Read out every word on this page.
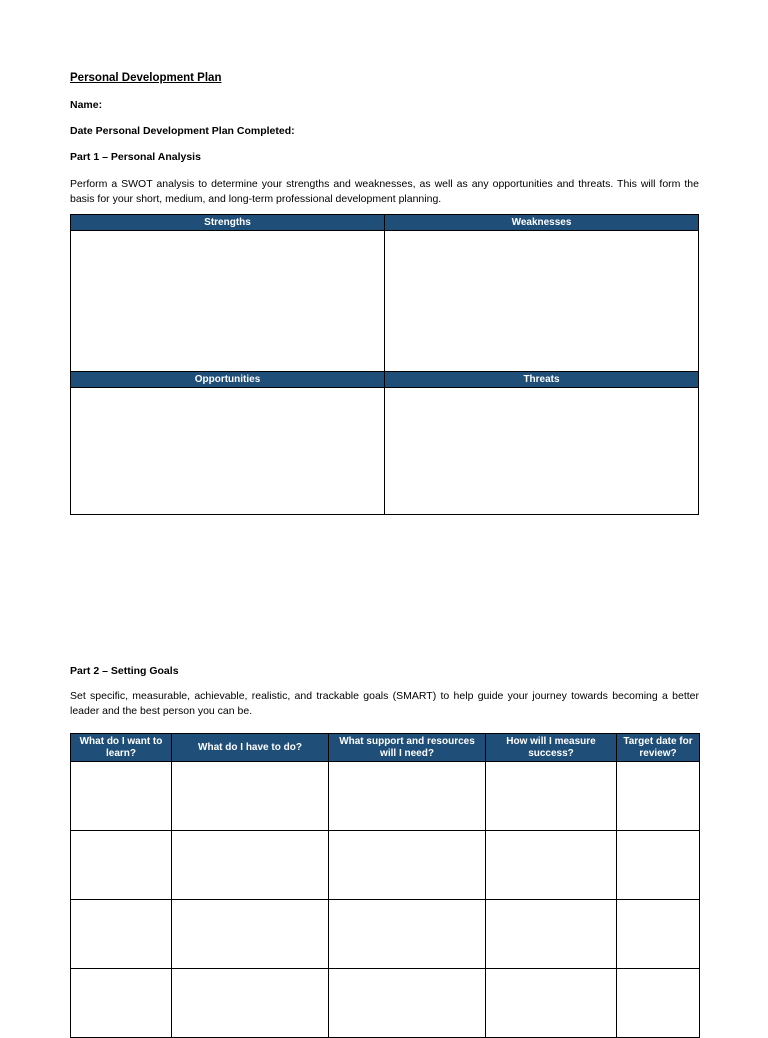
Personal Development Plan
Name:
Date Personal Development Plan Completed:
Part 1 – Personal Analysis
Perform a SWOT analysis to determine your strengths and weaknesses, as well as any opportunities and threats. This will form the basis for your short, medium, and long-term professional development planning.
Strengths	Weaknesses

Opportunities	Threats

Part 2 – Setting Goals
Set specific, measurable, achievable, realistic, and trackable goals (SMART) to help guide your journey towards becoming a better leader and the best person you can be.
What do I want to learn?	What do I have to do?	What support and resources will I need?	How will I measure success?	Target date for review?
